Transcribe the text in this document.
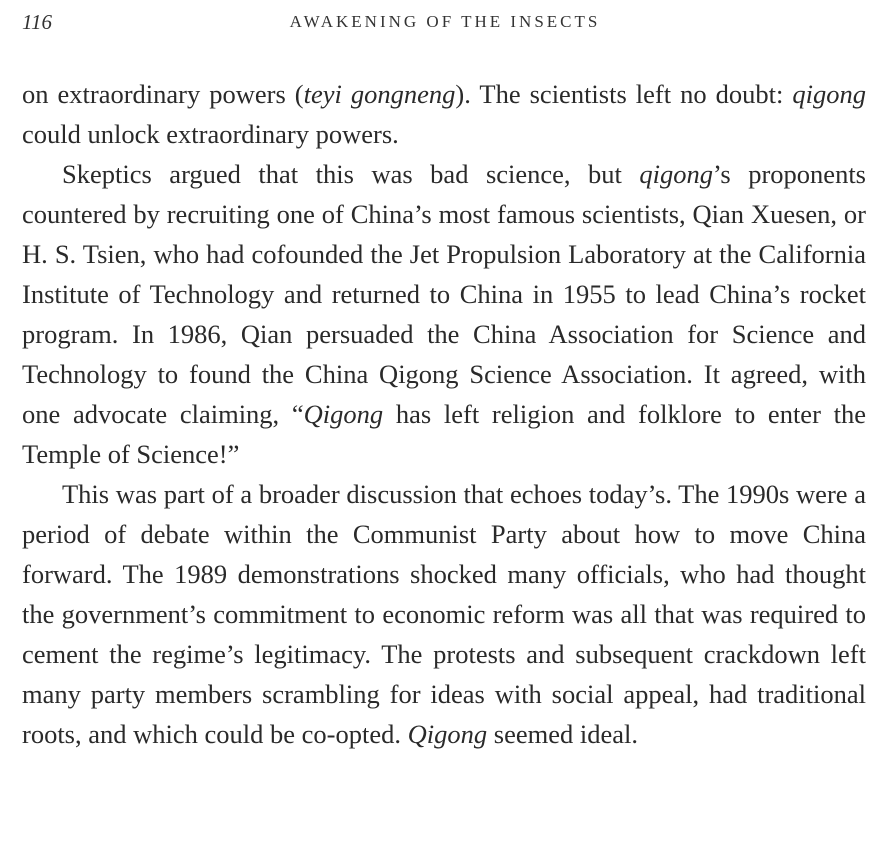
116	AWAKENING OF THE INSECTS

on extraordinary powers (teyi gongneng). The scientists left no doubt: qigong could unlock extraordinary powers.

Skeptics argued that this was bad science, but qigong’s proponents countered by recruiting one of China’s most famous scientists, Qian Xuesen, or H. S. Tsien, who had cofounded the Jet Propulsion Laboratory at the California Institute of Technology and returned to China in 1955 to lead China’s rocket program. In 1986, Qian persuaded the China Association for Science and Technology to found the China Qigong Science Association. It agreed, with one advocate claiming, “Qigong has left religion and folklore to enter the Temple of Science!”

This was part of a broader discussion that echoes today’s. The 1990s were a period of debate within the Communist Party about how to move China forward. The 1989 demonstrations shocked many officials, who had thought the government’s commitment to economic reform was all that was required to cement the regime’s legitimacy. The protests and subsequent crackdown left many party members scrambling for ideas with social appeal, had traditional roots, and which could be co-opted. Qigong seemed ideal.
